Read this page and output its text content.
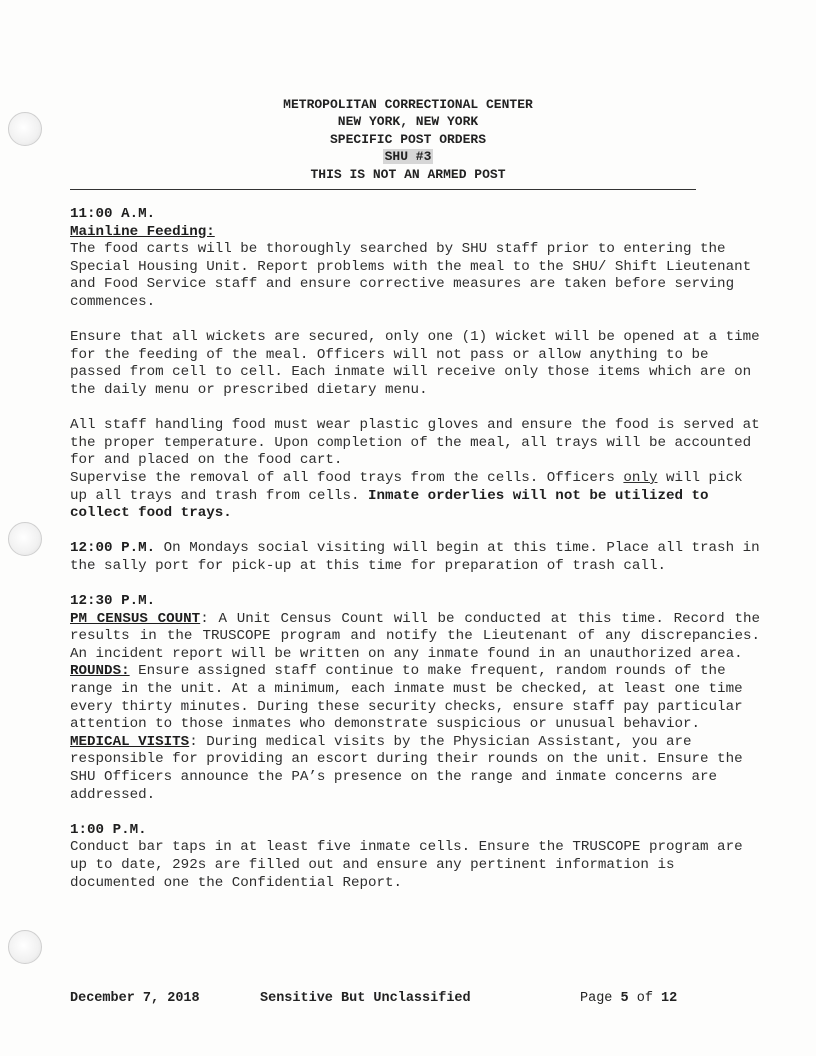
METROPOLITAN CORRECTIONAL CENTER
NEW YORK, NEW YORK
SPECIFIC POST ORDERS
SHU #3
THIS IS NOT AN ARMED POST

11:00 A.M.

Mainline Feeding:

The food carts will be thoroughly searched by SHU staff prior to entering the Special Housing Unit. Report problems with the meal to the SHU/ Shift Lieutenant and Food Service staff and ensure corrective measures are taken before serving commences.

Ensure that all wickets are secured, only one (1) wicket will be opened at a time for the feeding of the meal. Officers will not pass or allow anything to be passed from cell to cell. Each inmate will receive only those items which are on the daily menu or prescribed dietary menu.

All staff handling food must wear plastic gloves and ensure the food is served at the proper temperature. Upon completion of the meal, all trays will be accounted for and placed on the food cart.

Supervise the removal of all food trays from the cells. Officers only will pick up all trays and trash from cells. Inmate orderlies will not be utilized to collect food trays.

12:00 P.M. On Mondays social visiting will begin at this time. Place all trash in the sally port for pick-up at this time for preparation of trash call.

12:30 P.M.

PM CENSUS COUNT: A Unit Census Count will be conducted at this time. Record the results in the TRUSCOPE program and notify the Lieutenant of any discrepancies. An incident report will be written on any inmate found in an unauthorized area.

ROUNDS: Ensure assigned staff continue to make frequent, random rounds of the range in the unit. At a minimum, each inmate must be checked, at least one time every thirty minutes. During these security checks, ensure staff pay particular attention to those inmates who demonstrate suspicious or unusual behavior.

MEDICAL VISITS: During medical visits by the Physician Assistant, you are responsible for providing an escort during their rounds on the unit. Ensure the SHU Officers announce the PA’s presence on the range and inmate concerns are addressed.

1:00 P.M.

Conduct bar taps in at least five inmate cells. Ensure the TRUSCOPE program are up to date, 292s are filled out and ensure any pertinent information is documented one the Confidential Report.

December 7, 2018	Sensitive But Unclassified	Page 5 of 12
